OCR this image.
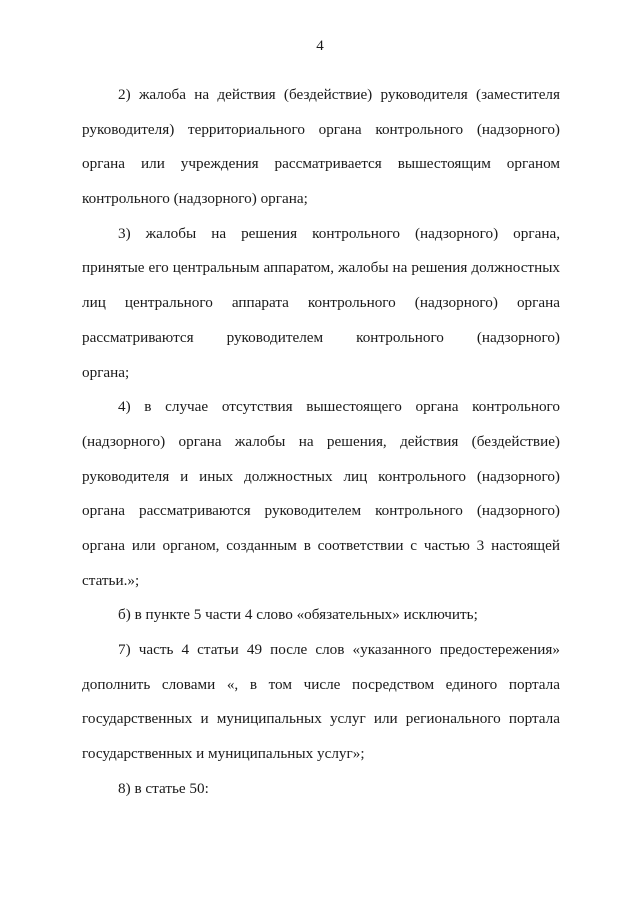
4
2) жалоба на действия (бездействие) руководителя (заместителя
руководителя) территориального органа контрольного (надзорного)
органа или учреждения рассматривается вышестоящим органом
контрольного (надзорного) органа;
3) жалобы на решения контрольного (надзорного) органа,
принятые его центральным аппаратом, жалобы на решения должностных
лиц центрального аппарата контрольного (надзорного) органа
рассматриваются руководителем контрольного (надзорного)
органа;
4) в случае отсутствия вышестоящего органа контрольного
(надзорного) органа жалобы на решения, действия (бездействие)
руководителя и иных должностных лиц контрольного (надзорного)
органа рассматриваются руководителем контрольного (надзорного)
органа или органом, созданным в соответствии с частью 3 настоящей
статьи.»;
б) в пункте 5 части 4 слово «обязательных» исключить;
7) часть 4 статьи 49 после слов «указанного предостережения»
дополнить словами «, в том числе посредством единого портала
государственных и муниципальных услуг или регионального портала
государственных и муниципальных услуг»;
8) в статье 50:
